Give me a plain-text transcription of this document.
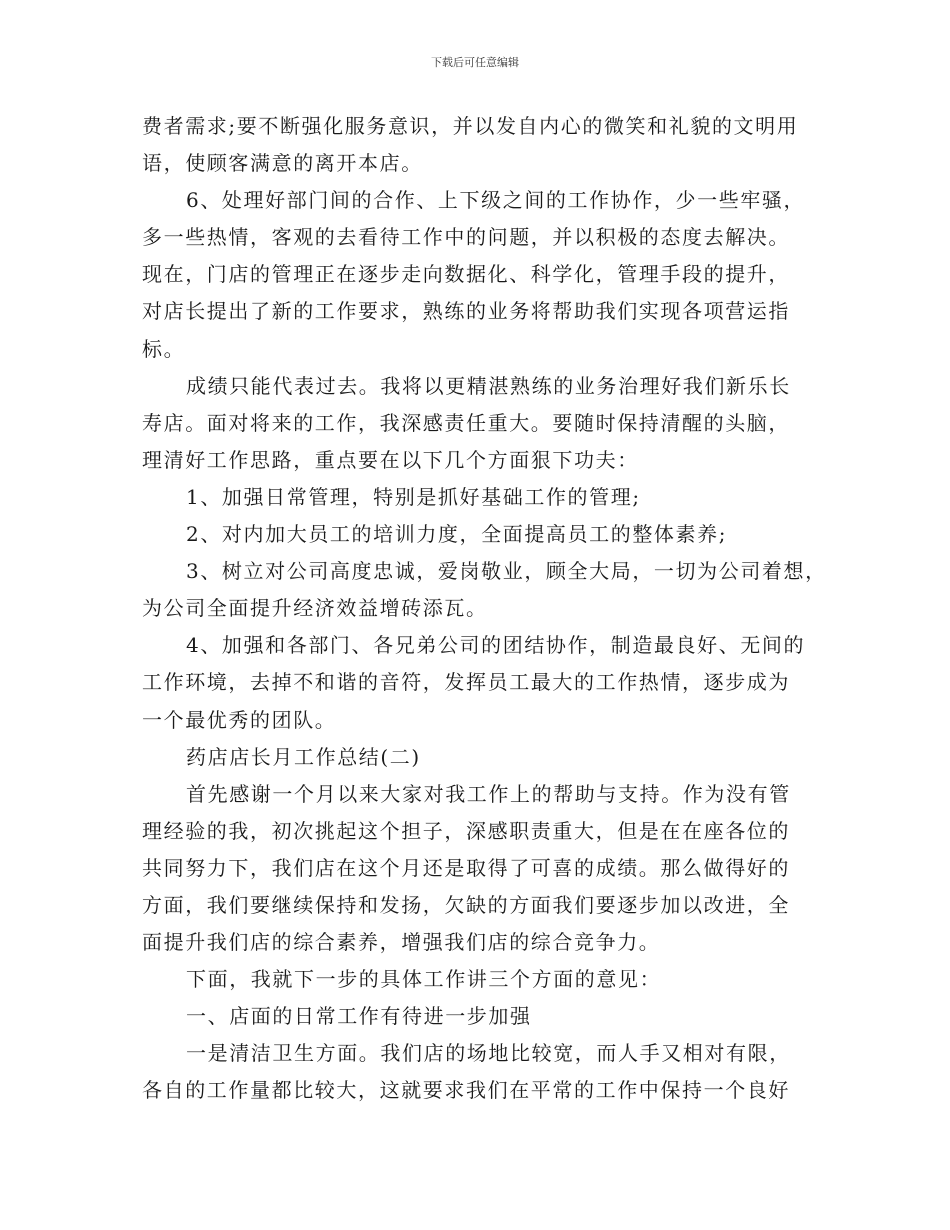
下载后可任意编辑
费者需求;要不断强化服务意识，并以发自内心的微笑和礼貌的文明用
语，使顾客满意的离开本店。
6、处理好部门间的合作、上下级之间的工作协作，少一些牢骚，
多一些热情，客观的去看待工作中的问题，并以积极的态度去解决。
现在，门店的管理正在逐步走向数据化、科学化，管理手段的提升，
对店长提出了新的工作要求，熟练的业务将帮助我们实现各项营运指
标。
成绩只能代表过去。我将以更精湛熟练的业务治理好我们新乐长
寿店。面对将来的工作，我深感责任重大。要随时保持清醒的头脑，
理清好工作思路，重点要在以下几个方面狠下功夫：
1、加强日常管理，特别是抓好基础工作的管理;
2、对内加大员工的培训力度，全面提高员工的整体素养;
3、树立对公司高度忠诚，爱岗敬业，顾全大局，一切为公司着想，
为公司全面提升经济效益增砖添瓦。
4、加强和各部门、各兄弟公司的团结协作，制造最良好、无间的
工作环境，去掉不和谐的音符，发挥员工最大的工作热情，逐步成为
一个最优秀的团队。
药店店长月工作总结(二)
首先感谢一个月以来大家对我工作上的帮助与支持。作为没有管
理经验的我，初次挑起这个担子，深感职责重大，但是在在座各位的
共同努力下，我们店在这个月还是取得了可喜的成绩。那么做得好的
方面，我们要继续保持和发扬，欠缺的方面我们要逐步加以改进，全
面提升我们店的综合素养，增强我们店的综合竞争力。
下面，我就下一步的具体工作讲三个方面的意见：
一、店面的日常工作有待进一步加强
一是清洁卫生方面。我们店的场地比较宽，而人手又相对有限，
各自的工作量都比较大，这就要求我们在平常的工作中保持一个良好
